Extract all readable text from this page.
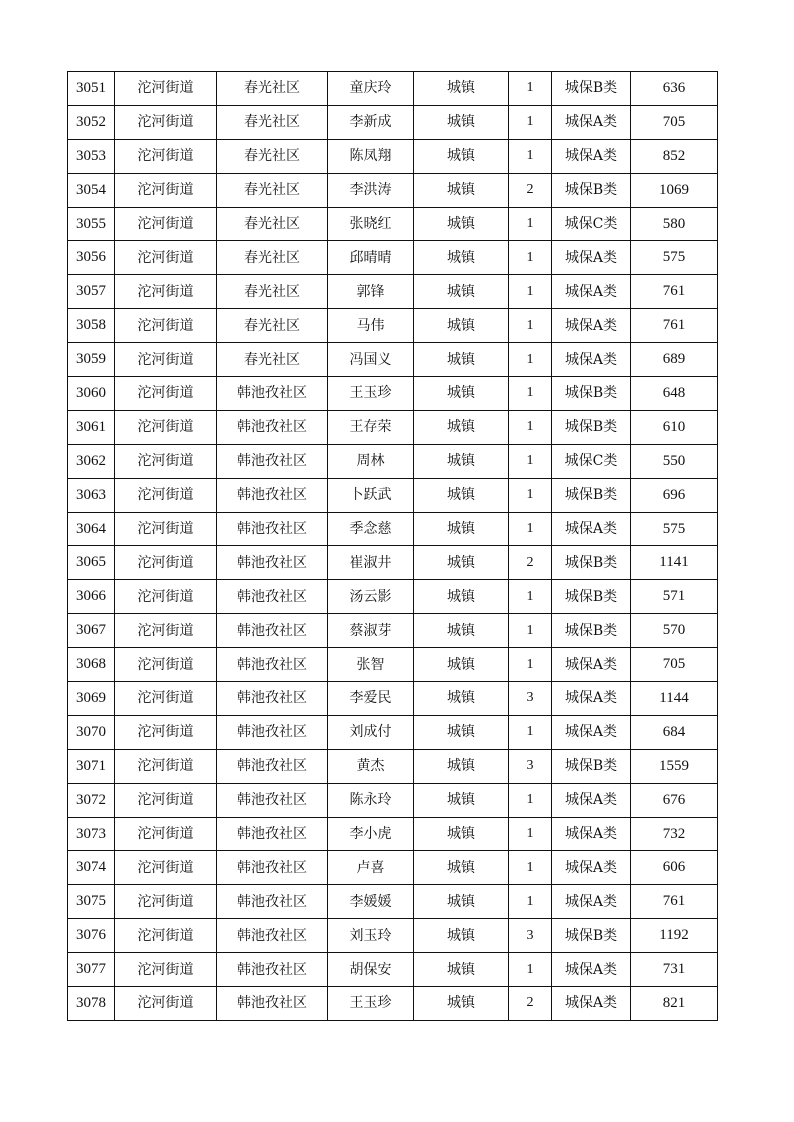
3051	沱河街道	春光社区	童庆玲	城镇	1	城保B类	636
3052	沱河街道	春光社区	李新成	城镇	1	城保A类	705
3053	沱河街道	春光社区	陈凤翔	城镇	1	城保A类	852
3054	沱河街道	春光社区	李洪涛	城镇	2	城保B类	1069
3055	沱河街道	春光社区	张晓红	城镇	1	城保C类	580
3056	沱河街道	春光社区	邱晴晴	城镇	1	城保A类	575
3057	沱河街道	春光社区	郭锋	城镇	1	城保A类	761
3058	沱河街道	春光社区	马伟	城镇	1	城保A类	761
3059	沱河街道	春光社区	冯国义	城镇	1	城保A类	689
3060	沱河街道	韩池孜社区	王玉珍	城镇	1	城保B类	648
3061	沱河街道	韩池孜社区	王存荣	城镇	1	城保B类	610
3062	沱河街道	韩池孜社区	周林	城镇	1	城保C类	550
3063	沱河街道	韩池孜社区	卜跃武	城镇	1	城保B类	696
3064	沱河街道	韩池孜社区	季念慈	城镇	1	城保A类	575
3065	沱河街道	韩池孜社区	崔淑井	城镇	2	城保B类	1141
3066	沱河街道	韩池孜社区	汤云影	城镇	1	城保B类	571
3067	沱河街道	韩池孜社区	蔡淑芽	城镇	1	城保B类	570
3068	沱河街道	韩池孜社区	张智	城镇	1	城保A类	705
3069	沱河街道	韩池孜社区	李爱民	城镇	3	城保A类	1144
3070	沱河街道	韩池孜社区	刘成付	城镇	1	城保A类	684
3071	沱河街道	韩池孜社区	黄杰	城镇	3	城保B类	1559
3072	沱河街道	韩池孜社区	陈永玲	城镇	1	城保A类	676
3073	沱河街道	韩池孜社区	李小虎	城镇	1	城保A类	732
3074	沱河街道	韩池孜社区	卢喜	城镇	1	城保A类	606
3075	沱河街道	韩池孜社区	李媛媛	城镇	1	城保A类	761
3076	沱河街道	韩池孜社区	刘玉玲	城镇	3	城保B类	1192
3077	沱河街道	韩池孜社区	胡保安	城镇	1	城保A类	731
3078	沱河街道	韩池孜社区	王玉珍	城镇	2	城保A类	821
